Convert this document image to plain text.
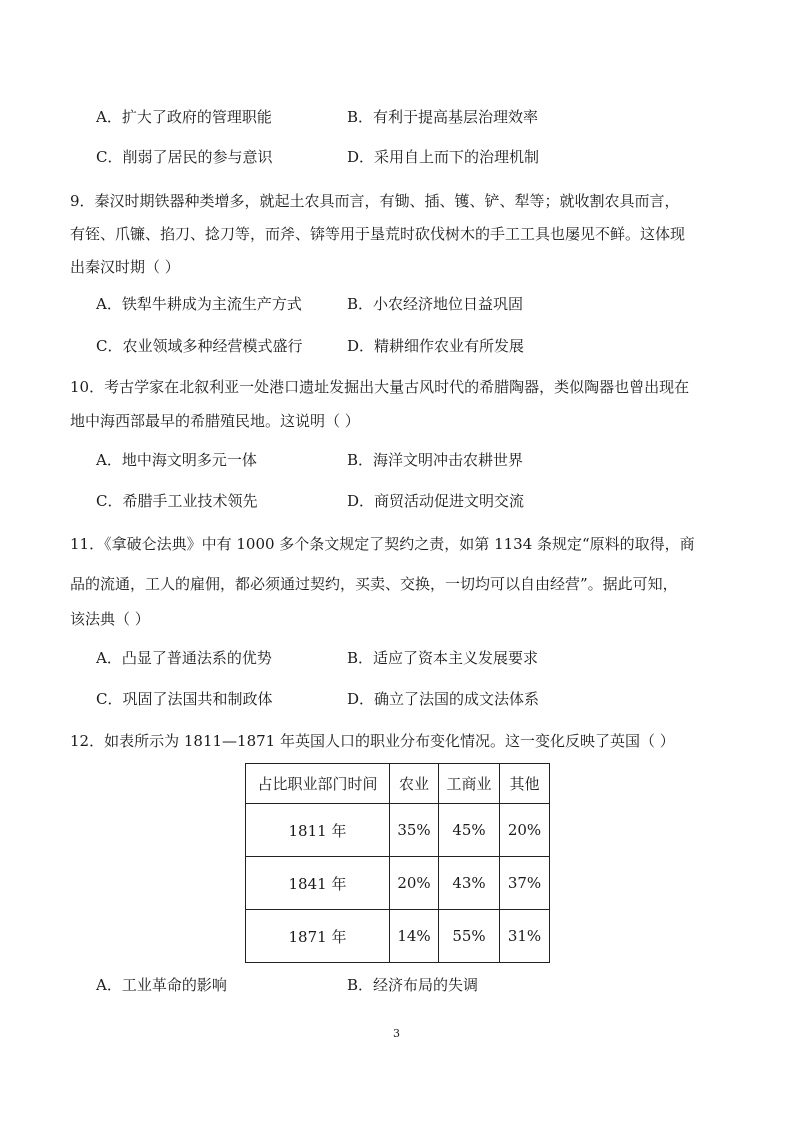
A．扩大了政府的管理职能	B．有利于提高基层治理效率
C．削弱了居民的参与意识	D．采用自上而下的治理机制
9．秦汉时期铁器种类增多，就起土农具而言，有锄、插、镬、铲、犁等；就收割农具而言，
有铚、爪镰、掐刀、捻刀等，而斧、锛等用于垦荒时砍伐树木的手工工具也屡见不鲜。这体现
出秦汉时期（ ）
A．铁犁牛耕成为主流生产方式	B．小农经济地位日益巩固
C．农业领域多种经营模式盛行	D．精耕细作农业有所发展
10．考古学家在北叙利亚一处港口遗址发掘出大量古风时代的希腊陶器，类似陶器也曾出现在
地中海西部最早的希腊殖民地。这说明（ ）
A．地中海文明多元一体	B．海洋文明冲击农耕世界
C．希腊手工业技术领先	D．商贸活动促进文明交流
11．《拿破仑法典》中有 1000 多个条文规定了契约之责，如第 1134 条规定“原料的取得，商
品的流通，工人的雇佣，都必须通过契约，买卖、交换，一切均可以自由经营”。据此可知，
该法典（ ）
A．凸显了普通法系的优势	B．适应了资本主义发展要求
C．巩固了法国共和制政体	D．确立了法国的成文法体系
12．如表所示为 1811—1871 年英国人口的职业分布变化情况。这一变化反映了英国（ ）
占比职业部门时间	农业	工商业	其他
1811 年	35%	45%	20%
1841 年	20%	43%	37%
1871 年	14%	55%	31%
A．工业革命的影响	B．经济布局的失调
3
